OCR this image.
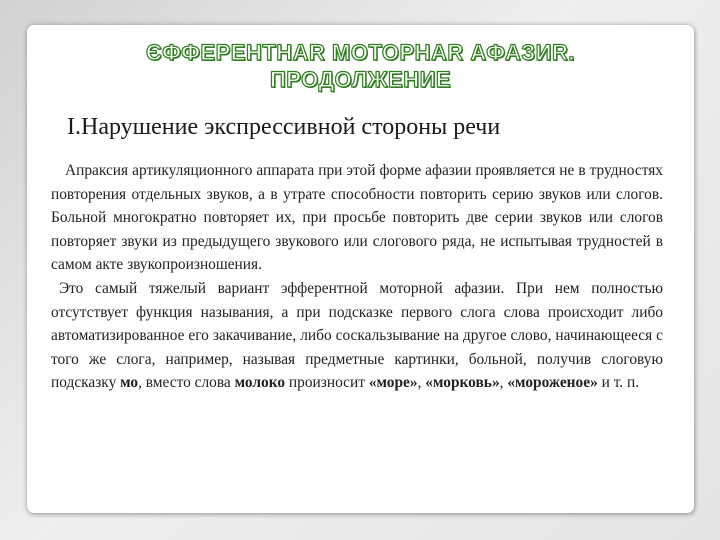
ЄФФЕРЕНТНАR МОТОРНАR АФАЗИR.
ПРОДОЛЖЕНИЕ
I.Нарушение экспрессивной стороны речи

Апраксия артикуляционного аппарата при этой форме афазии проявляется не в трудностях повторения отдельных звуков, а в утрате способности повторить серию звуков или слогов. Больной многократно повторяет их, при просьбе повторить две серии звуков или слогов повторяет звуки из предыдущего звукового или слогового ряда, не испытывая трудностей в самом акте звукопроизношения.

Это самый тяжелый вариант эфферентной моторной афазии. При нем полностью отсутствует функция называния, а при подсказке первого слога слова происходит либо автоматизированное его закачивание, либо соскальзывание на другое слово, начинающееся с того же слога, например, называя предметные картинки, больной, получив слоговую подсказку мо, вместо слова молоко произносит «море», «морковь», «мороженое» и т. п.
